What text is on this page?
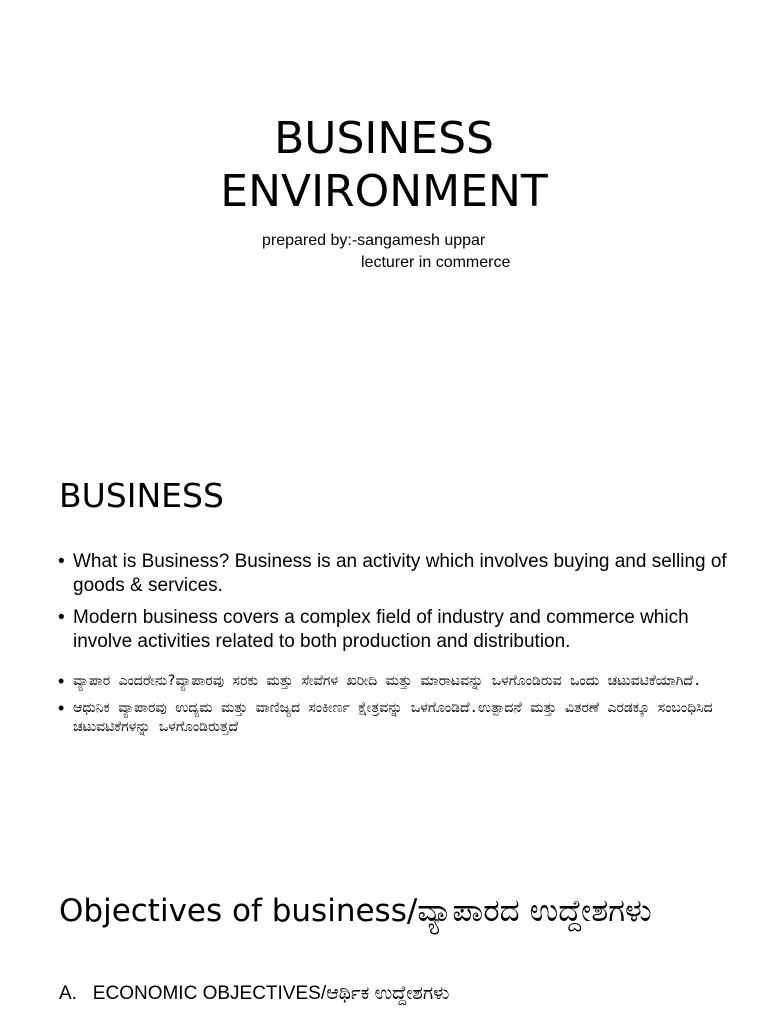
BUSINESS
ENVIRONMENT
prepared by:-sangamesh uppar
lecturer in commerce
BUSINESS
• What is Business? Business is an activity which involves buying and selling of goods & services.
• Modern business covers a complex field of industry and commerce which involve activities related to both production and distribution.
• ವ್ಯಾಪಾರ ಎಂದರೇನು?ವ್ಯಾಪಾರವು ಸರಕು ಮತ್ತು ಸೇವೆಗಳ ಖರೀದಿ ಮತ್ತು ಮಾರಾಟವನ್ನು ಒಳಗೊಂಡಿರುವ ಒಂದು ಚಟುವಟಿಕೆಯಾಗಿದೆ.
• ಆಧುನಿಕ ವ್ಯಾಪಾರವು ಉದ್ಯಮ ಮತ್ತು ವಾಣಿಜ್ಯದ ಸಂಕೀರ್ಣ ಕ್ಷೇತ್ರವನ್ನು ಒಳಗೊಂಡಿದೆ.ಉತ್ಪಾದನೆ ಮತ್ತು ವಿತರಣೆ ಎರಡಕ್ಕೂ ಸಂಬಂಧಿಸಿದ ಚಟುವಟಿಕೆಗಳನ್ನು ಒಳಗೊಂಡಿರುತ್ತದೆ
Objectives of business/ವ್ಯಾಪಾರದ ಉದ್ದೇಶಗಳು
A. ECONOMIC OBJECTIVES/ಆರ್ಥಿಕ ಉದ್ದೇಶಗಳು
